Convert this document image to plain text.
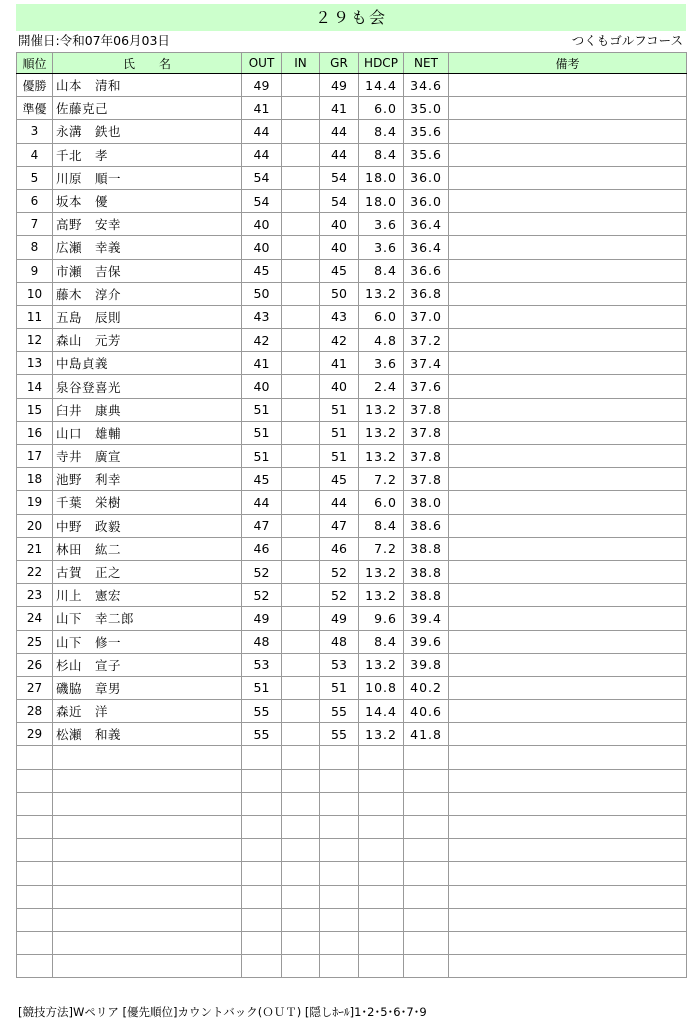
２９も会
開催日:令和07年06月03日	つくもゴルフコース
順位	氏　　名	OUT	IN	GR	HDCP	NET	備考
優勝	山本　清和	49		49	14.4	34.6	
準優	佐藤克己	41		41	6.0	35.0	
3	永溝　鉄也	44		44	8.4	35.6	
4	千北　孝	44		44	8.4	35.6	
5	川原　順一	54		54	18.0	36.0	
6	坂本　優	54		54	18.0	36.0	
7	高野　安幸	40		40	3.6	36.4	
8	広瀬　幸義	40		40	3.6	36.4	
9	市瀬　吉保	45		45	8.4	36.6	
10	藤木　淳介	50		50	13.2	36.8	
11	五島　辰則	43		43	6.0	37.0	
12	森山　元芳	42		42	4.8	37.2	
13	中島貞義	41		41	3.6	37.4	
14	泉谷登喜光	40		40	2.4	37.6	
15	臼井　康典	51		51	13.2	37.8	
16	山口　雄輔	51		51	13.2	37.8	
17	寺井　廣宣	51		51	13.2	37.8	
18	池野　利幸	45		45	7.2	37.8	
19	千葉　栄樹	44		44	6.0	38.0	
20	中野　政毅	47		47	8.4	38.6	
21	林田　紘二	46		46	7.2	38.8	
22	古賀　正之	52		52	13.2	38.8	
23	川上　憲宏	52		52	13.2	38.8	
24	山下　幸二郎	49		49	9.6	39.4	
25	山下　修一	48		48	8.4	39.6	
26	杉山　宣子	53		53	13.2	39.8	
27	磯脇　章男	51		51	10.8	40.2	
28	森近　洋	55		55	14.4	40.6	
29	松瀬　和義	55		55	13.2	41.8	

[競技方法]Wペリア [優先順位]カウントバック(ＯＵＴ) [隠しﾎｰﾙ]1･2･5･6･7･9
